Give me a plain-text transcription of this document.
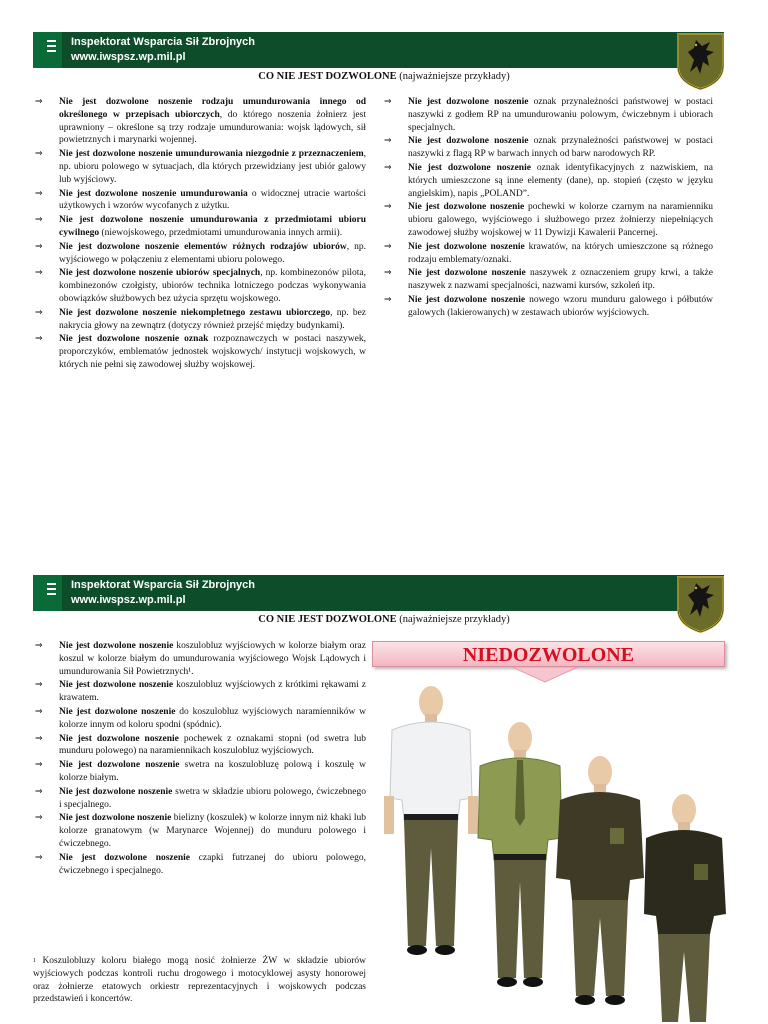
Inspektorat Wsparcia Sił Zbrojnych
www.iwspsz.wp.mil.pl
CO NIE JEST DOZWOLONE (najważniejsze przykłady)
⇒ Nie jest dozwolone noszenie rodzaju umundurowania innego od określonego w przepisach ubiorczych, do którego noszenia żołnierz jest uprawniony – określone są trzy rodzaje umundurowania: wojsk lądowych, sił powietrznych i marynarki wojennej.
⇒ Nie jest dozwolone noszenie umundurowania niezgodnie z przeznaczeniem, np. ubioru polowego w sytuacjach, dla których przewidziany jest ubiór galowy lub wyjściowy.
⇒ Nie jest dozwolone noszenie umundurowania o widocznej utracie wartości użytkowych i wzorów wycofanych z użytku.
⇒ Nie jest dozwolone noszenie umundurowania z przedmiotami ubioru cywilnego (niewojskowego, przedmiotami umundurowania innych armii).
⇒ Nie jest dozwolone noszenie elementów różnych rodzajów ubiorów, np. wyjściowego w połączeniu z elementami ubioru polowego.
⇒ Nie jest dozwolone noszenie ubiorów specjalnych, np. kombinezonów pilota, kombinezonów czołgisty, ubiorów technika lotniczego podczas wykonywania obowiązków służbowych bez użycia sprzętu wojskowego.
⇒ Nie jest dozwolone noszenie niekompletnego zestawu ubiorczego, np. bez nakrycia głowy na zewnątrz (dotyczy również przejść między budynkami).
⇒ Nie jest dozwolone noszenie oznak rozpoznawczych w postaci naszywek, proporczyków, emblematów jednostek wojskowych/ instytucji wojskowych, w których nie pełni się zawodowej służby wojskowej.
⇒ Nie jest dozwolone noszenie oznak przynależności państwowej w postaci naszywki z godłem RP na umundurowaniu polowym, ćwiczebnym i ubiorach specjalnych.
⇒ Nie jest dozwolone noszenie oznak przynależności państwowej w postaci naszywki z flagą RP w barwach innych od barw narodowych RP.
⇒ Nie jest dozwolone noszenie oznak identyfikacyjnych z nazwiskiem, na których umieszczone są inne elementy (dane), np. stopień (często w języku angielskim), napis „POLAND”.
⇒ Nie jest dozwolone noszenie pochewki w kolorze czarnym na naramienniku ubioru galowego, wyjściowego i służbowego przez żołnierzy niepełniących zawodowej służby wojskowej w 11 Dywizji Kawalerii Pancernej.
⇒ Nie jest dozwolone noszenie krawatów, na których umieszczone są różnego rodzaju emblematy/oznaki.
⇒ Nie jest dozwolone noszenie naszywek z oznaczeniem grupy krwi, a także naszywek z nazwami specjalności, nazwami kursów, szkoleń itp.
⇒ Nie jest dozwolone noszenie nowego wzoru munduru galowego i półbutów galowych (lakierowanych) w zestawach ubiorów wyjściowych.
Inspektorat Wsparcia Sił Zbrojnych
www.iwspsz.wp.mil.pl
CO NIE JEST DOZWOLONE (najważniejsze przykłady)
⇒ Nie jest dozwolone noszenie koszulobluz wyjściowych w kolorze białym oraz koszul w kolorze białym do umundurowania wyjściowego Wojsk Lądowych i umundurowania Sił Powietrznych¹.
⇒ Nie jest dozwolone noszenie koszulobluz wyjściowych z krótkimi rękawami z krawatem.
⇒ Nie jest dozwolone noszenie do koszulobluz wyjściowych naramienników w kolorze innym od koloru spodni (spódnic).
⇒ Nie jest dozwolone noszenie pochewek z oznakami stopni (od swetra lub munduru polowego) na naramiennikach koszulobluz wyjściowych.
⇒ Nie jest dozwolone noszenie swetra na koszulobluzę polową i koszulę w kolorze białym.
⇒ Nie jest dozwolone noszenie swetra w składzie ubioru polowego, ćwiczebnego i specjalnego.
⇒ Nie jest dozwolone noszenie bielizny (koszulek) w kolorze innym niż khaki lub kolorze granatowym (w Marynarce Wojennej) do munduru polowego i ćwiczebnego.
⇒ Nie jest dozwolone noszenie czapki futrzanej do ubioru polowego, ćwiczebnego i specjalnego.
$^1$ Koszulobluzy koloru białego mogą nosić żołnierze ŻW w składzie ubiorów wyjściowych podczas kontroli ruchu drogowego i motocyklowej asysty honorowej oraz żołnierze etatowych orkiestr reprezentacyjnych i wojskowych podczas przedstawień i koncertów.
NIEDOZWOLONE
